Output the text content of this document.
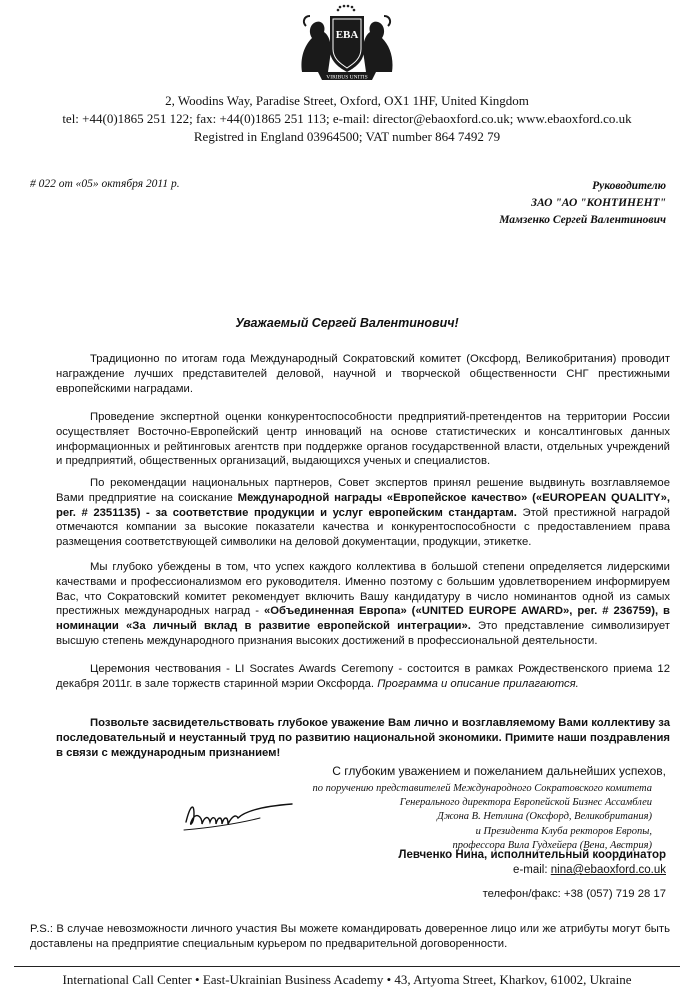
EBA
VIRIBUS UNITIS
2, Woodins Way, Paradise Street, Oxford, OX1 1HF, United Kingdom
tel: +44(0)1865 251 122; fax: +44(0)1865 251 113; e-mail: director@ebaoxford.co.uk; www.ebaoxford.co.uk
Registred in England 03964500; VAT number 864 7492 79
# 022 от «05» октября 2011 р.	Руководителю
ЗАО "АО "КОНТИНЕНТ"
Мамзенко Сергей Валентинович
Уважаемый Сергей Валентинович!
Традиционно по итогам года Международный Сократовский комитет (Оксфорд, Великобритания) проводит награждение лучших представителей деловой, научной и творческой общественности СНГ престижными европейскими наградами.
Проведение экспертной оценки конкурентоспособности предприятий-претендентов на территории России осуществляет Восточно-Европейский центр инноваций на основе статистических и консалтинговых данных информационных и рейтинговых агентств при поддержке органов государственной власти, отдельных учреждений и предприятий, общественных организаций, выдающихся ученых и специалистов.
По рекомендации национальных партнеров, Совет экспертов принял решение выдвинуть возглавляемое Вами предприятие на соискание Международной награды «Европейское качество» («EUROPEAN QUALITY», рег. # 2351135) - за соответствие продукции и услуг европейским стандартам. Этой престижной наградой отмечаются компании за высокие показатели качества и конкурентоспособности с предоставлением права размещения соответствующей символики на деловой документации, продукции, этикетке.
Мы глубоко убеждены в том, что успех каждого коллектива в большой степени определяется лидерскими качествами и профессионализмом его руководителя. Именно поэтому с большим удовлетворением информируем Вас, что Сократовский комитет рекомендует включить Вашу кандидатуру в число номинантов одной из самых престижных международных наград - «Объединенная Европа» («UNITED EUROPE AWARD», рег. # 236759), в номинации «За личный вклад в развитие европейской интеграции». Это представление символизирует высшую степень международного признания высоких достижений в профессиональной деятельности.
Церемония чествования - LI Socrates Awards Ceremony - состоится в рамках Рождественского приема 12 декабря 2011г. в зале торжеств старинной мэрии Оксфорда. Программа и описание прилагаются.
Позвольте засвидетельствовать глубокое уважение Вам лично и возглавляемому Вами коллективу за последовательный и неустанный труд по развитию национальной экономики. Примите наши поздравления в связи с международным признанием!
С глубоким уважением и пожеланием дальнейших успехов,
по поручению представителей Международного Сократовского комитета
Генерального директора Европейской Бизнес Ассамблеи
Джона В. Нетлина (Оксфорд, Великобритания)
и Президента Клуба ректоров Европы,
профессора Вила Гудхейера (Вена, Австрия)
Левченко Нина, исполнительный координатор
e-mail: nina@ebaoxford.co.uk
телефон/факс: +38 (057) 719 28 17
P.S.: В случае невозможности личного участия Вы можете командировать доверенное лицо или же атрибуты могут быть доставлены на предприятие специальным курьером по предварительной договоренности.
International Call Center • East-Ukrainian Business Academy • 43, Artyoma Street, Kharkov, 61002, Ukraine
